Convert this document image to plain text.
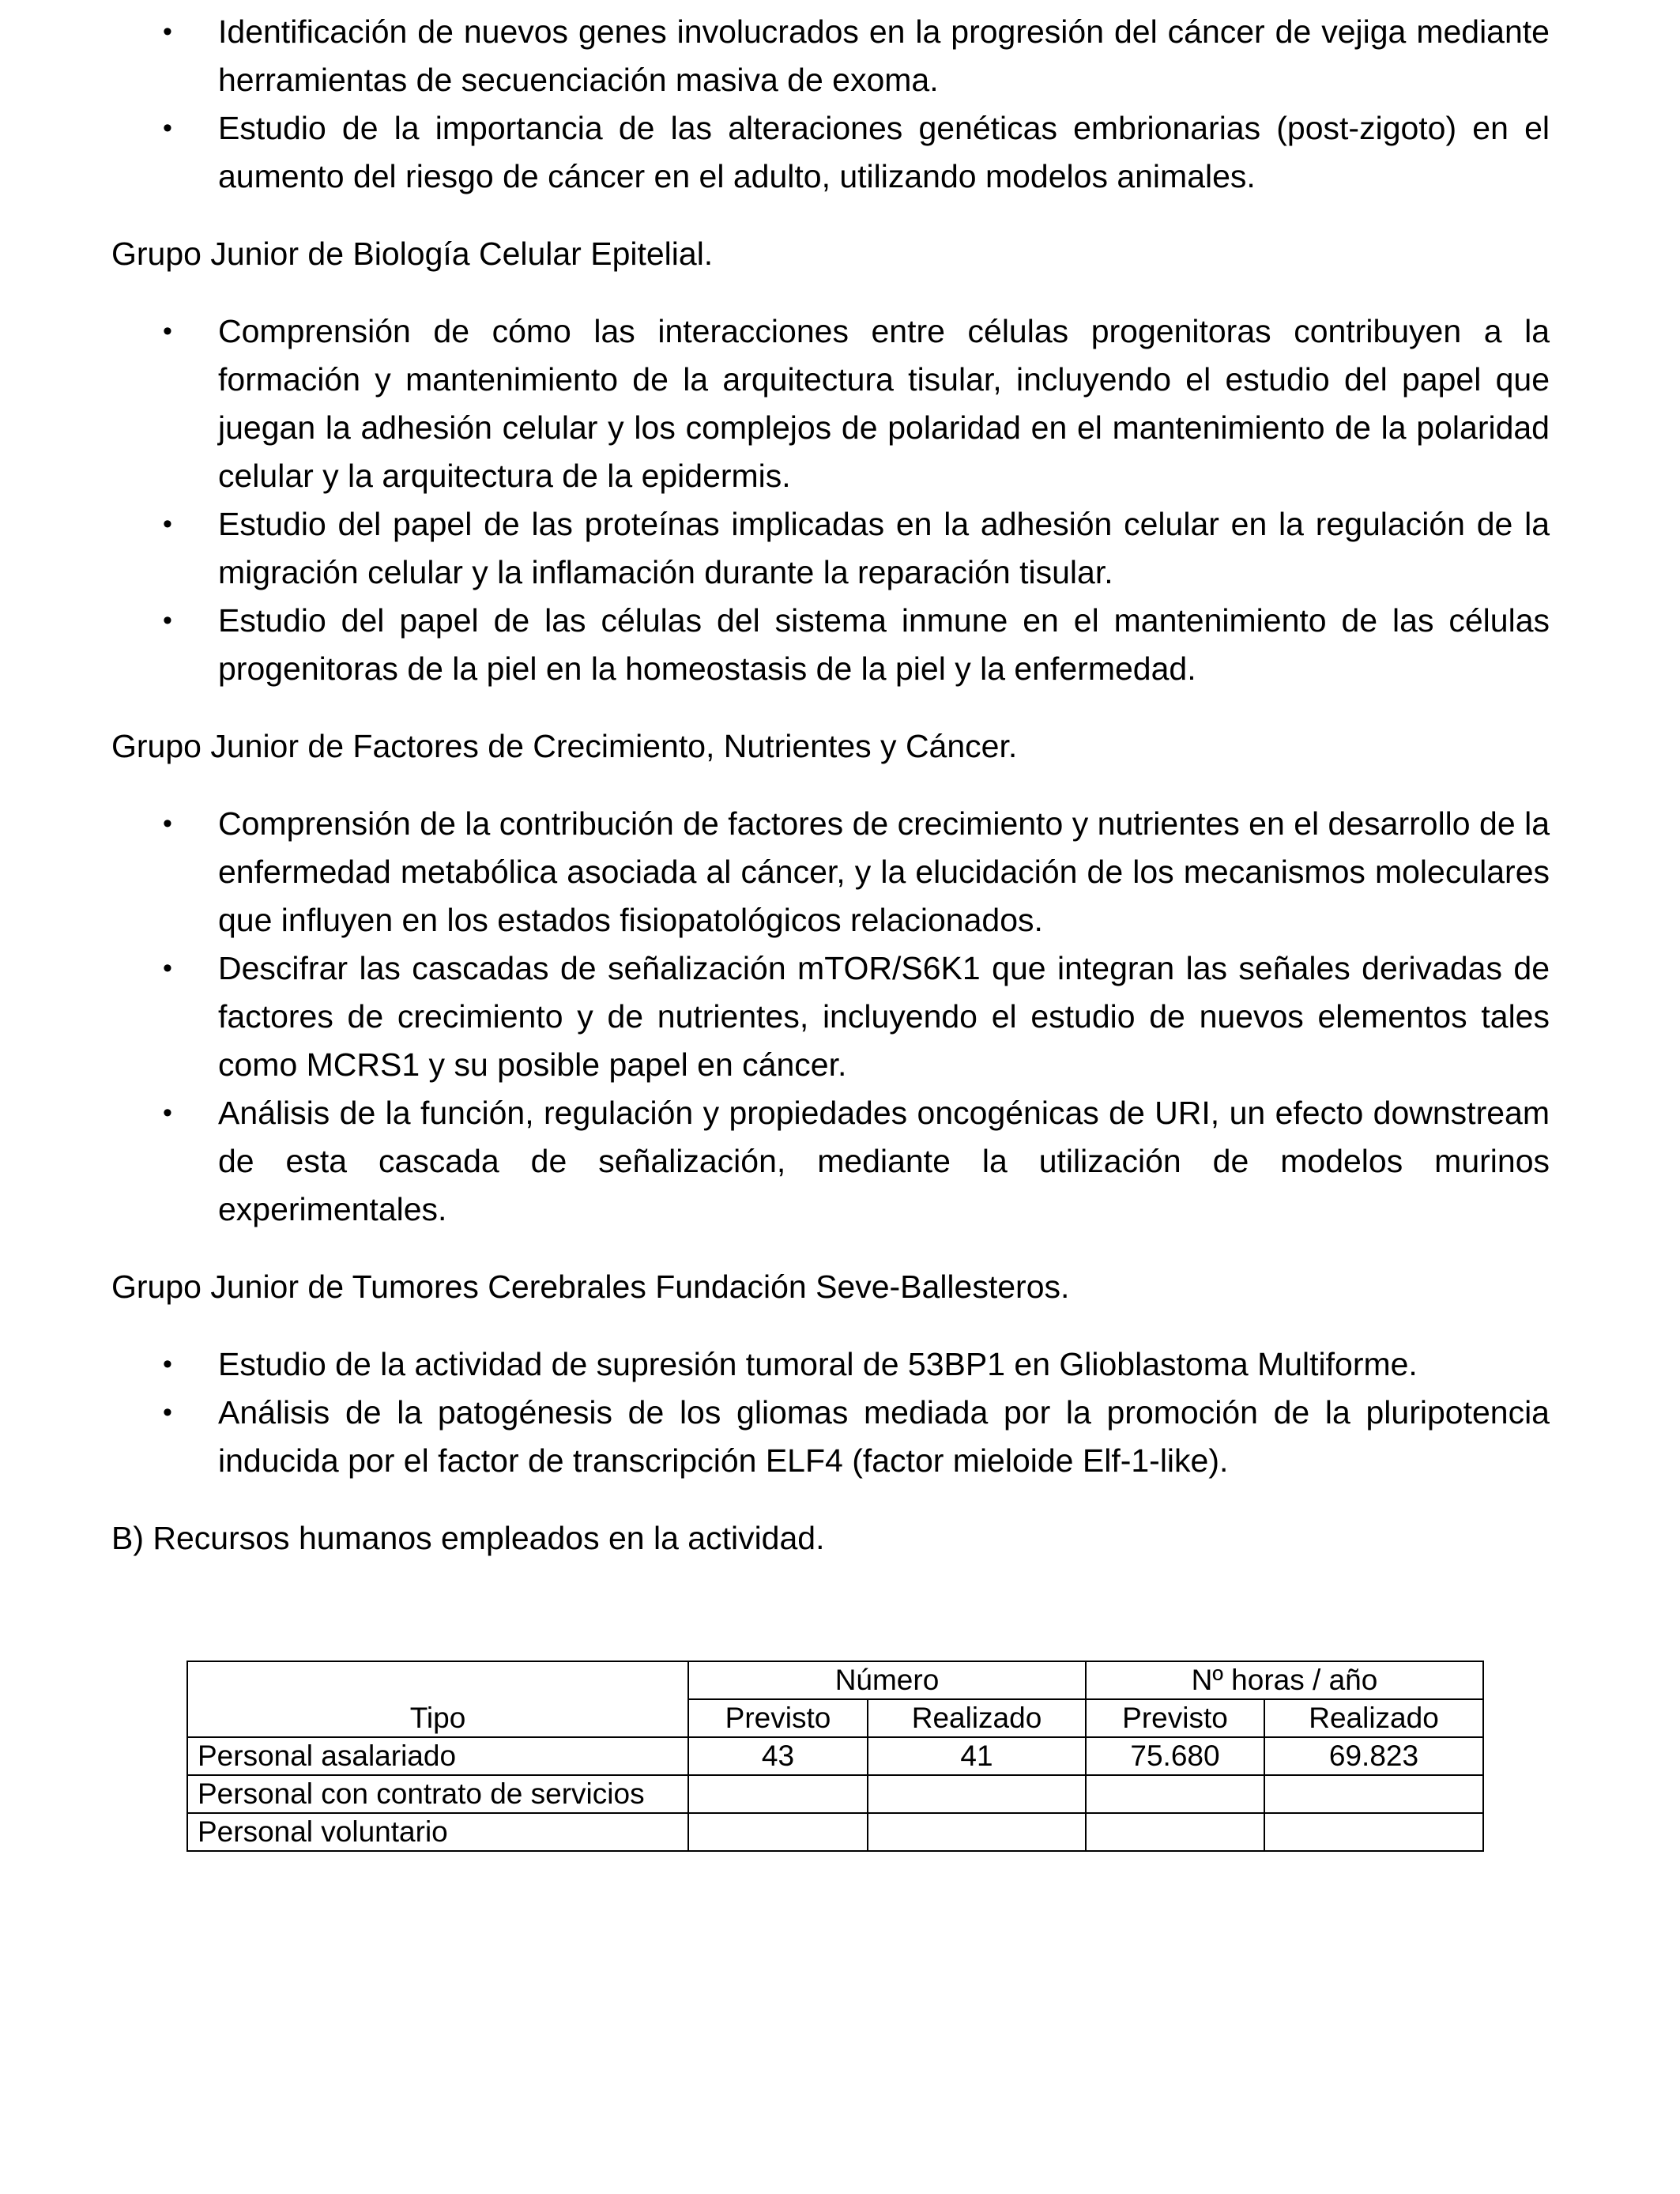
• Identificación de nuevos genes involucrados en la progresión del cáncer de vejiga mediante herramientas de secuenciación masiva de exoma.
• Estudio de la importancia de las alteraciones genéticas embrionarias (post-zigoto) en el aumento del riesgo de cáncer en el adulto, utilizando modelos animales.

Grupo Junior de Biología Celular Epitelial.

• Comprensión de cómo las interacciones entre células progenitoras contribuyen a la formación y mantenimiento de la arquitectura tisular, incluyendo el estudio del papel que juegan la adhesión celular y los complejos de polaridad en el mantenimiento de la polaridad celular y la arquitectura de la epidermis.
• Estudio del papel de las proteínas implicadas en la adhesión celular en la regulación de la migración celular y la inflamación durante la reparación tisular.
• Estudio del papel de las células del sistema inmune en el mantenimiento de las células progenitoras de la piel en la homeostasis de la piel y la enfermedad.

Grupo Junior de Factores de Crecimiento, Nutrientes y Cáncer.

• Comprensión de la contribución de factores de crecimiento y nutrientes en el desarrollo de la enfermedad metabólica asociada al cáncer, y la elucidación de los mecanismos moleculares que influyen en los estados fisiopatológicos relacionados.
• Descifrar las cascadas de señalización mTOR/S6K1 que integran las señales derivadas de factores de crecimiento y de nutrientes, incluyendo el estudio de nuevos elementos tales como MCRS1 y su posible papel en cáncer.
• Análisis de la función, regulación y propiedades oncogénicas de URI, un efecto downstream de esta cascada de señalización, mediante la utilización de modelos murinos experimentales.

Grupo Junior de Tumores Cerebrales Fundación Seve-Ballesteros.

• Estudio de la actividad de supresión tumoral de 53BP1 en Glioblastoma Multiforme.
• Análisis de la patogénesis de los gliomas mediada por la promoción de la pluripotencia inducida por el factor de transcripción ELF4 (factor mieloide Elf-1-like).

B) Recursos humanos empleados en la actividad.

	Número		Nº horas / año	
Tipo	Previsto	Realizado	Previsto	Realizado
Personal asalariado	43	41	75.680	69.823
Personal con contrato de servicios				
Personal voluntario				
